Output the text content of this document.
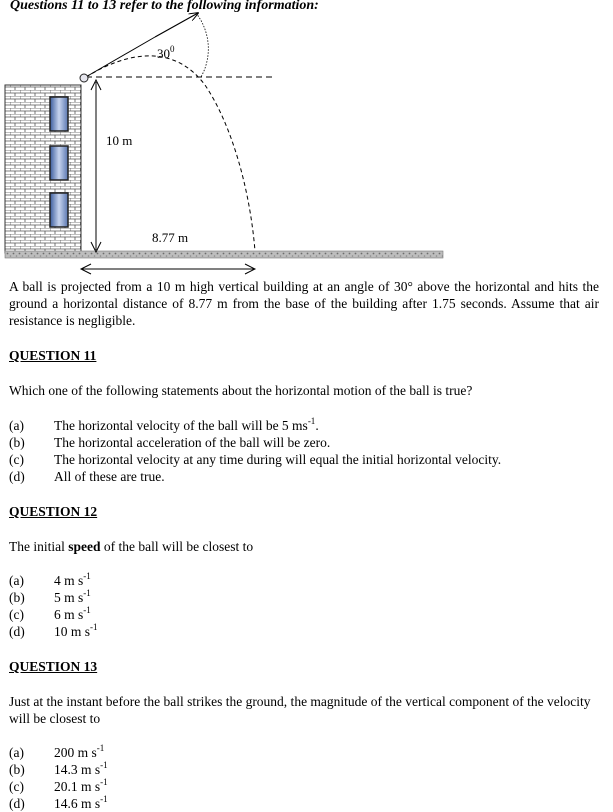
Questions 11 to 13 refer to the following information:
$30^0$
10 m
8.77 m
A ball is projected from a 10 m high vertical building at an angle of 30° above the horizontal and hits the ground a horizontal distance of 8.77 m from the base of the building after 1.75 seconds. Assume that air resistance is negligible.
QUESTION 11
Which one of the following statements about the horizontal motion of the ball is true?
(a) The horizontal velocity of the ball will be 5 $ms^{-1}$.
(b) The horizontal acceleration of the ball will be zero.
(c) The horizontal velocity at any time during will equal the initial horizontal velocity.
(d) All of these are true.
QUESTION 12
The initial speed of the ball will be closest to
(a) 4 m $s^{-1}$
(b) 5 m $s^{-1}$
(c) 6 m $s^{-1}$
(d) 10 m $s^{-1}$
QUESTION 13
Just at the instant before the ball strikes the ground, the magnitude of the vertical component of the velocity will be closest to
(a) 200 m $s^{-1}$
(b) 14.3 m $s^{-1}$
(c) 20.1 m $s^{-1}$
(d) 14.6 m $s^{-1}$
